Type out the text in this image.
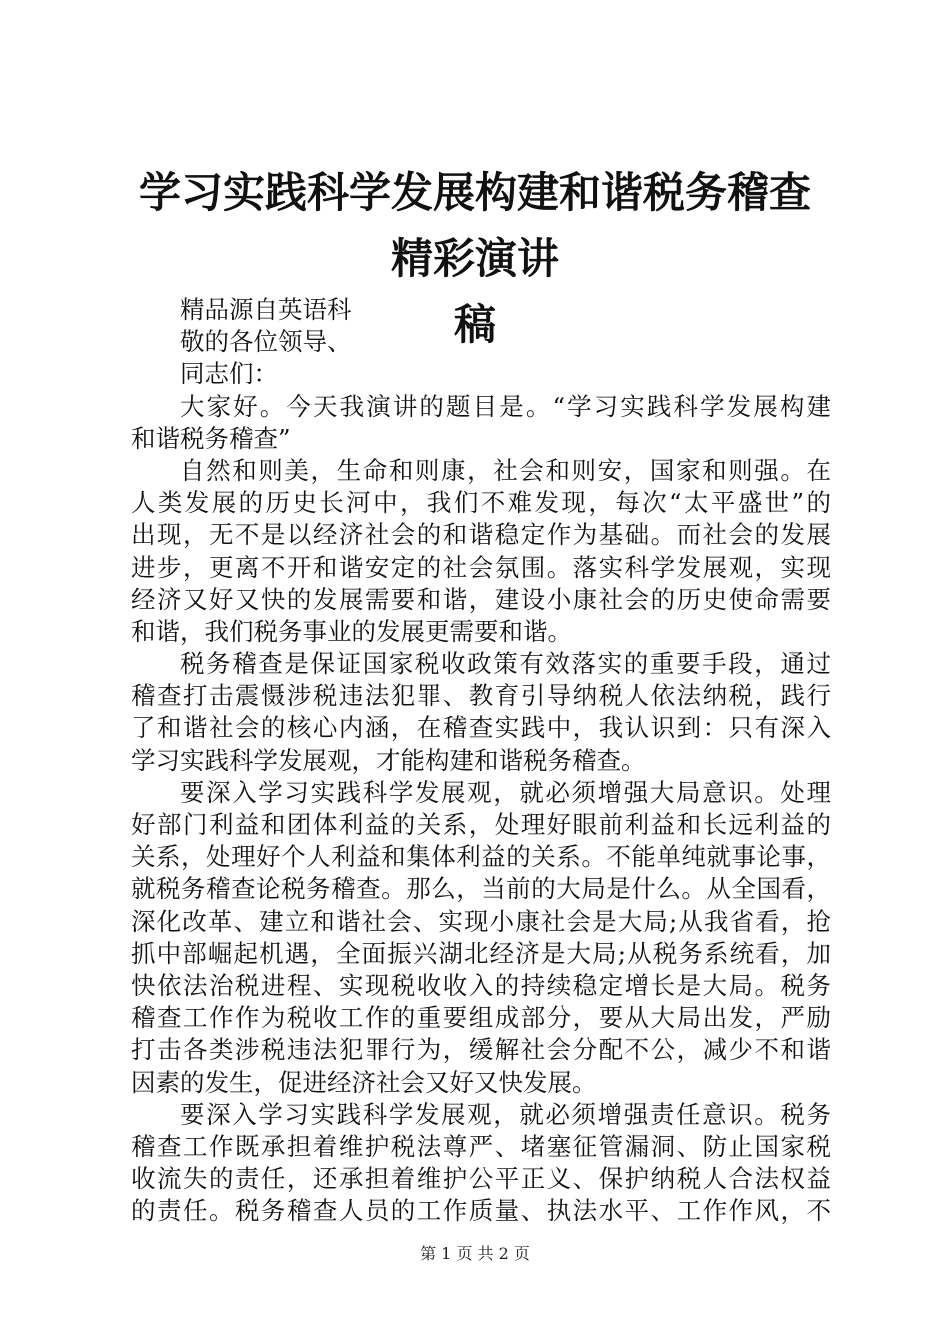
学习实践科学发展构建和谐税务稽查精彩演讲
稿
精品源自英语科
敬的各位领导、
同志们：
大家好。今天我演讲的题目是。“学习实践科学发展构建
和谐税务稽查”
自然和则美，生命和则康，社会和则安，国家和则强。在
人类发展的历史长河中，我们不难发现，每次“太平盛世”的
出现，无不是以经济社会的和谐稳定作为基础。而社会的发展
进步，更离不开和谐安定的社会氛围。落实科学发展观，实现
经济又好又快的发展需要和谐，建设小康社会的历史使命需要
和谐，我们税务事业的发展更需要和谐。
税务稽查是保证国家税收政策有效落实的重要手段，通过
稽查打击震慑涉税违法犯罪、教育引导纳税人依法纳税，践行
了和谐社会的核心内涵，在稽查实践中，我认识到：只有深入
学习实践科学发展观，才能构建和谐税务稽查。
要深入学习实践科学发展观，就必须增强大局意识。处理
好部门利益和团体利益的关系，处理好眼前利益和长远利益的
关系，处理好个人利益和集体利益的关系。不能单纯就事论事，
就税务稽查论税务稽查。那么，当前的大局是什么。从全国看，
深化改革、建立和谐社会、实现小康社会是大局;从我省看，抢
抓中部崛起机遇，全面振兴湖北经济是大局;从税务系统看，加
快依法治税进程、实现税收收入的持续稳定增长是大局。税务
稽查工作作为税收工作的重要组成部分，要从大局出发，严励
打击各类涉税违法犯罪行为，缓解社会分配不公，减少不和谐
因素的发生，促进经济社会又好又快发展。
要深入学习实践科学发展观，就必须增强责任意识。税务
稽查工作既承担着维护税法尊严、堵塞征管漏洞、防止国家税
收流失的责任，还承担着维护公平正义、保护纳税人合法权益
的责任。税务稽查人员的工作质量、执法水平、工作作风，不
第 1 页 共 2 页
